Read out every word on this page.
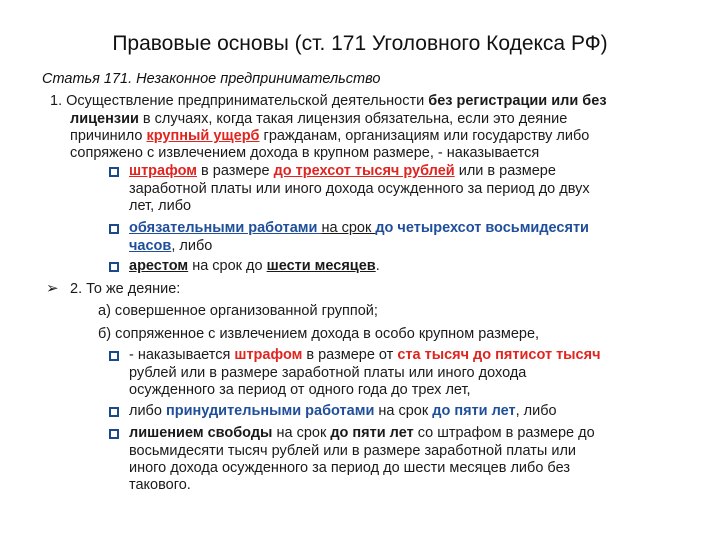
Правовые основы (ст. 171 Уголовного Кодекса РФ)
Статья 171. Незаконное предпринимательство
1. Осуществление предпринимательской деятельности без регистрации или без
лицензии в случаях, когда такая лицензия обязательна, если это деяние
причинило крупный ущерб гражданам, организациям или государству либо
сопряжено с извлечением дохода в крупном размере, - наказывается
штрафом в размере до трехсот тысяч рублей или в размере
заработной платы или иного дохода осужденного за период до двух
лет, либо
обязательными работами на срок до четырехсот восьмидесяти
часов, либо
арестом на срок до шести месяцев.
➢ 2. То же деяние:
а) совершенное организованной группой;
б) сопряженное с извлечением дохода в особо крупном размере,
- наказывается штрафом в размере от ста тысяч до пятисот тысяч
рублей или в размере заработной платы или иного дохода
осужденного за период от одного года до трех лет,
либо принудительными работами на срок до пяти лет, либо
лишением свободы на срок до пяти лет со штрафом в размере до
восьмидесяти тысяч рублей или в размере заработной платы или
иного дохода осужденного за период до шести месяцев либо без
такового.
